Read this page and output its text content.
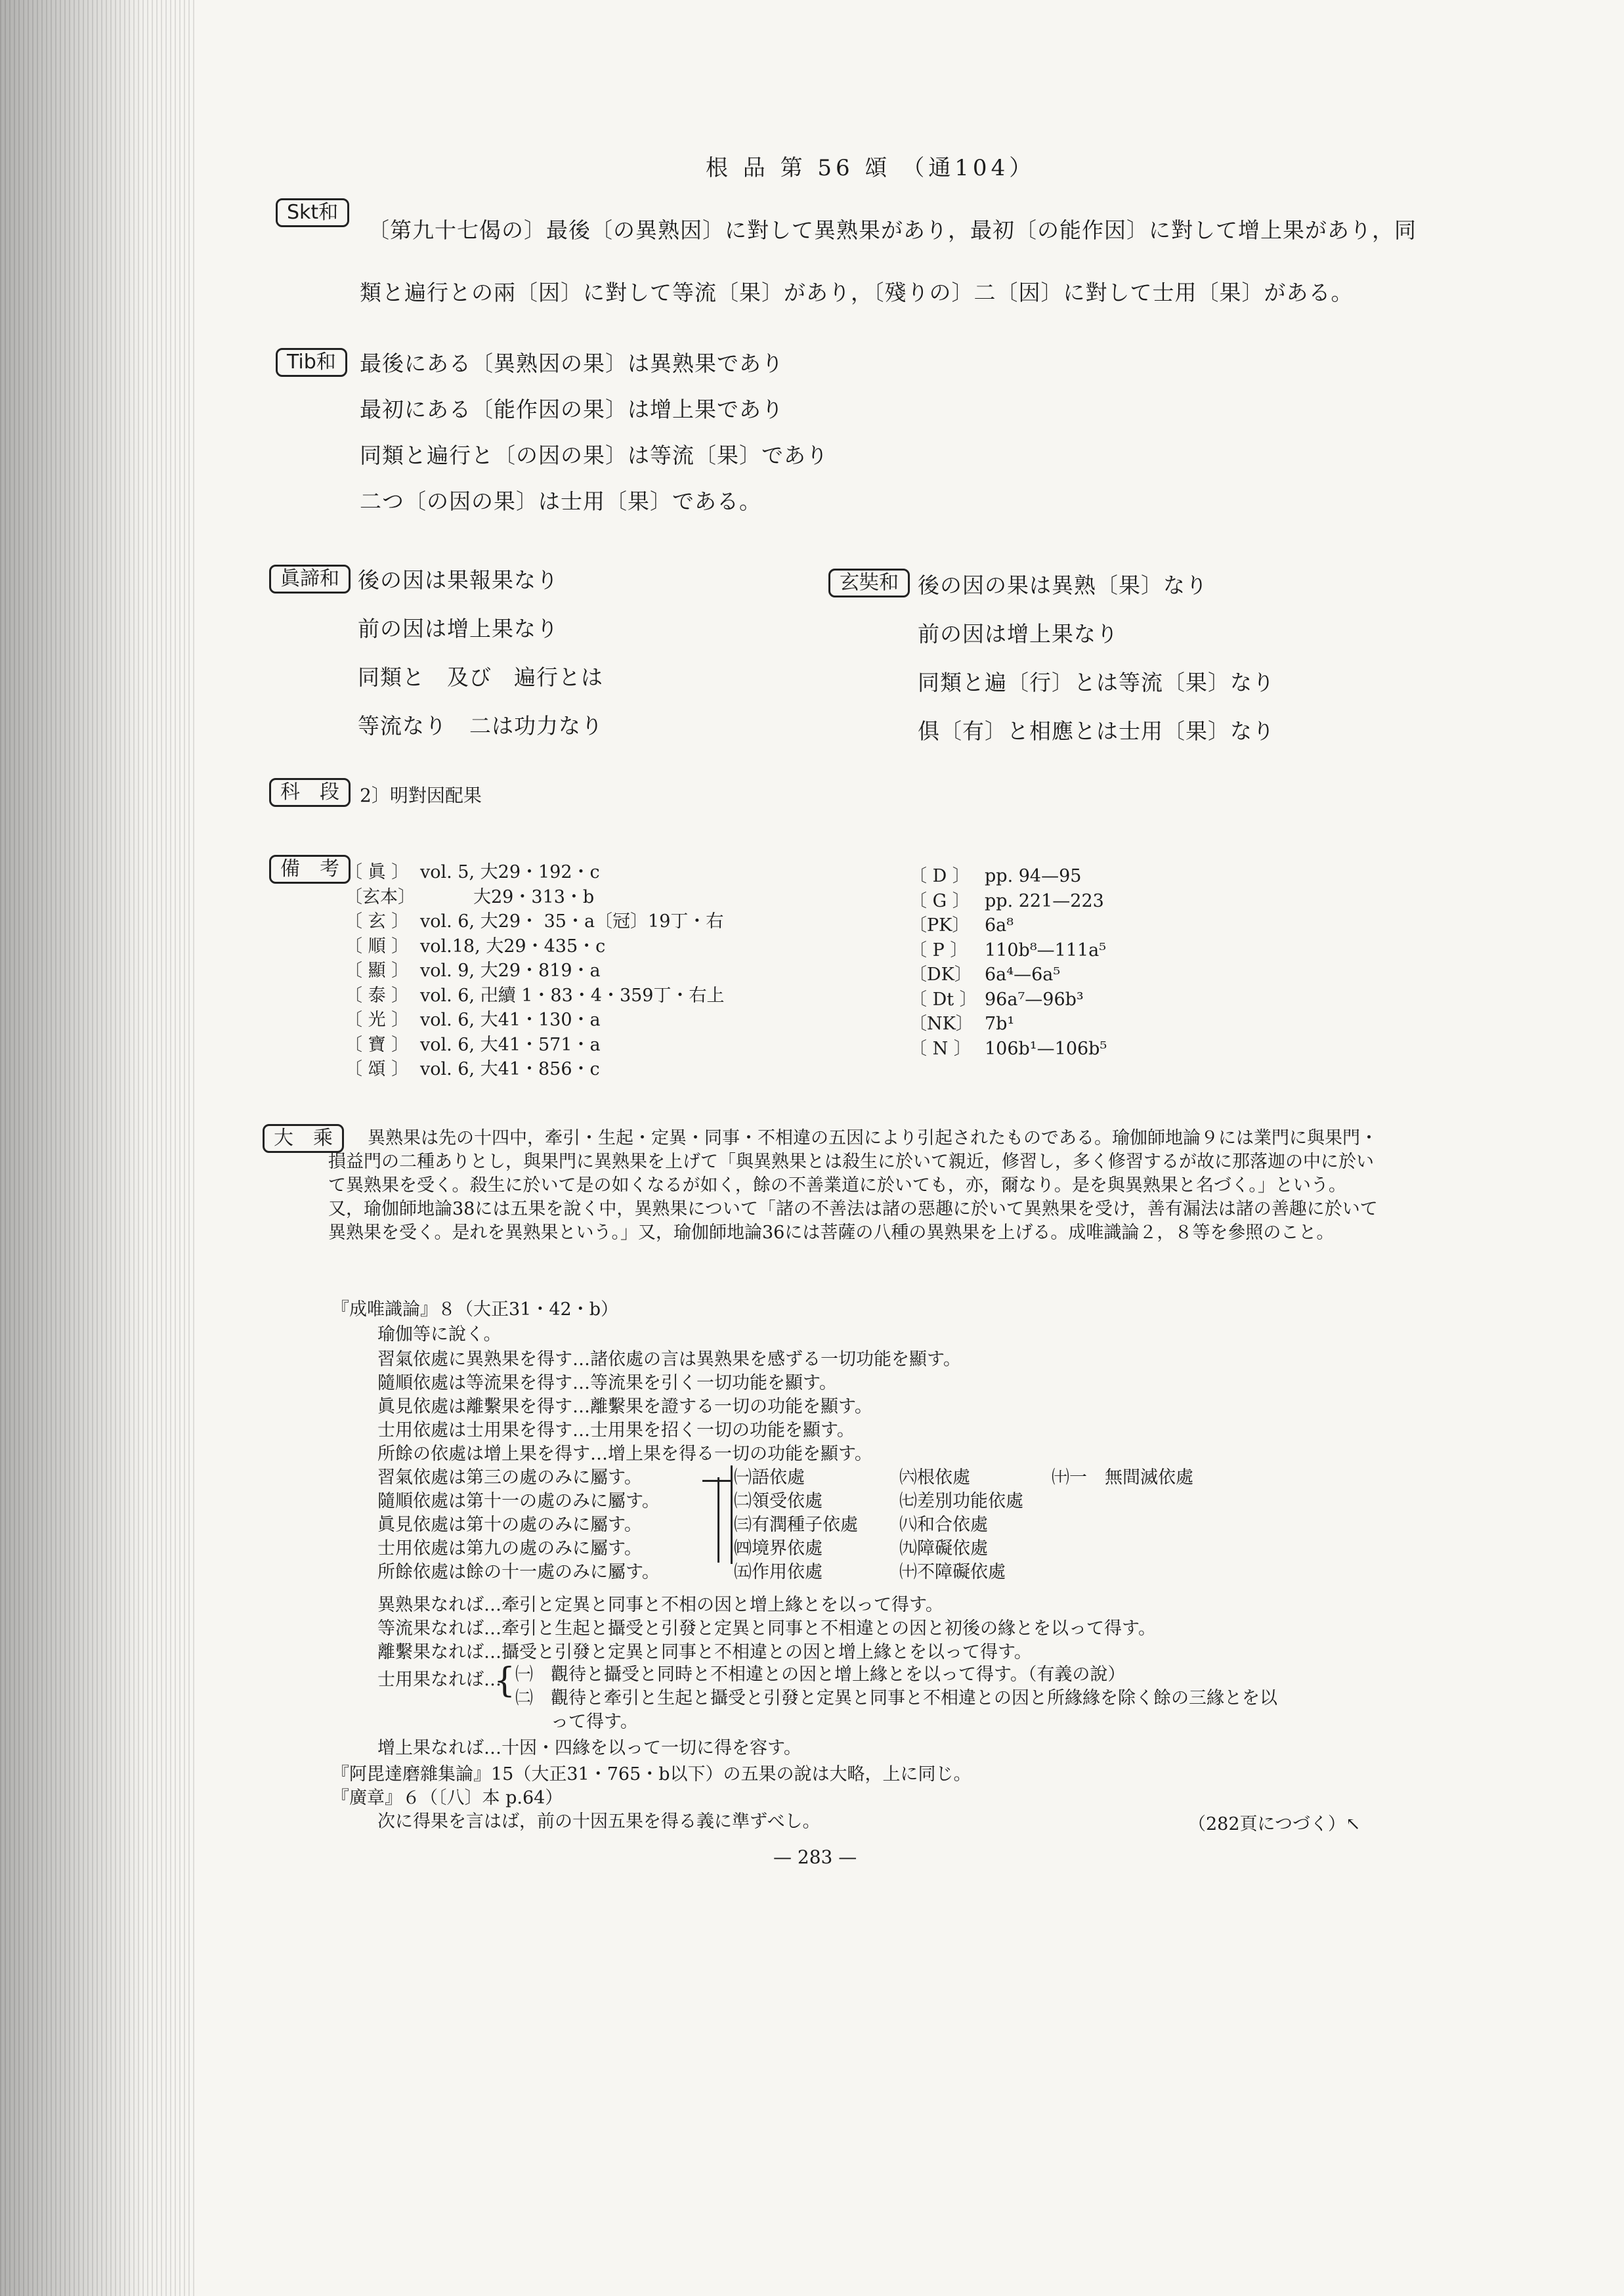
根 品 第 56 頌 （通104）
Skt和
〔第九十七偈の〕最後〔の異熟因〕に對して異熟果があり，最初〔の能作因〕に對して增上果があり，同
類と遍行との兩〔因〕に對して等流〔果〕があり，〔殘りの〕二〔因〕に對して士用〔果〕がある。
Tib和	最後にある〔異熟因の果〕は異熟果であり
最初にある〔能作因の果〕は增上果であり
同類と遍行と〔の因の果〕は等流〔果〕であり
二つ〔の因の果〕は士用〔果〕である。
眞諦和 後の因は果報果なり
前の因は增上果なり
同類と　及び　遍行とは
等流なり　二は功力なり
玄奘和 後の因の果は異熟〔果〕なり
前の因は增上果なり
同類と遍〔行〕とは等流〔果〕なり
俱〔有〕と相應とは士用〔果〕なり
科　段	2〕明對因配果
備　考 〔 眞 〕 vol. 5, 大29・192・c
〔玄本〕　　　大29・313・b
〔 玄 〕 vol. 6, 大29・ 35・a〔冠〕19丁・右
〔 順 〕 vol.18, 大29・435・c
〔 顯 〕 vol. 9, 大29・819・a
〔 泰 〕 vol. 6, 卍續 1・83・4・359丁・右上
〔 光 〕 vol. 6, 大41・130・a
〔 寶 〕 vol. 6, 大41・571・a
〔 頌 〕 vol. 6, 大41・856・c
〔 D 〕 pp. 94—95
〔 G 〕 pp. 221—223
〔PK〕 6a⁸
〔 P 〕 110b⁸—111a⁵
〔DK〕 6a⁴—6a⁵
〔 Dt 〕 96a⁷—96b³
〔NK〕 7b¹
〔 N 〕 106b¹—106b⁵
大　乘	異熟果は先の十四中，牽引・生起・定異・同事・不相違の五因により引起されたものである。瑜伽師地論９には業門に與果門・損益門の二種ありとし，與果門に異熟果を上げて「與異熟果とは殺生に於いて親近，修習し，多く修習するが故に那落迦の中に於いて異熟果を受く。殺生に於いて是の如くなるが如く，餘の不善業道に於いても，亦，爾なり。是を與異熟果と名づく。」という。又，瑜伽師地論38には五果を說く中，異熟果について「諸の不善法は諸の惡趣に於いて異熟果を受け，善有漏法は諸の善趣に於いて異熟果を受く。是れを異熟果という。」又，瑜伽師地論36には菩薩の八種の異熟果を上げる。成唯識論２，８等を參照のこと。
『成唯識論』８（大正31・42・b）
瑜伽等に說く。
習氣依處に異熟果を得す…諸依處の言は異熟果を感ずる一切功能を顯す。
隨順依處は等流果を得す…等流果を引く一切功能を顯す。
眞見依處は離繫果を得す…離繫果を證する一切の功能を顯す。
士用依處は士用果を得す…士用果を招く一切の功能を顯す。
所餘の依處は增上果を得す…增上果を得る一切の功能を顯す。
習氣依處は第三の處のみに屬す。
隨順依處は第十一の處のみに屬す。
眞見依處は第十の處のみに屬す。
士用依處は第九の處のみに屬す。
所餘依處は餘の十一處のみに屬す。
㈠語依處
㈡領受依處
㈢有潤種子依處
㈣境界依處
㈤作用依處
㈥根依處
㈦差別功能依處
㈧和合依處
㈨障礙依處
㈩不障礙依處
㈩一　無間滅依處
異熟果なれば…牽引と定異と同事と不相の因と增上緣とを以って得す。
等流果なれば…牽引と生起と攝受と引發と定異と同事と不相違との因と初後の緣とを以って得す。
離繫果なれば…攝受と引發と定異と同事と不相違との因と增上緣とを以って得す。
士用果なれば…
{ ㈠　觀待と攝受と同時と不相違との因と增上緣とを以って得す。（有義の說）
㈡　觀待と牽引と生起と攝受と引發と定異と同事と不相違との因と所緣緣を除く餘の三緣とを以
　　って得す。
增上果なれば…十因・四緣を以って一切に得を容す。
『阿毘達磨雜集論』15（大正31・765・b以下）の五果の說は大略，上に同じ。
『廣章』６（〔八〕本 p.64）
次に得果を言はば，前の十因五果を得る義に準ずべし。	（282頁につづく）↖
— 283 —
